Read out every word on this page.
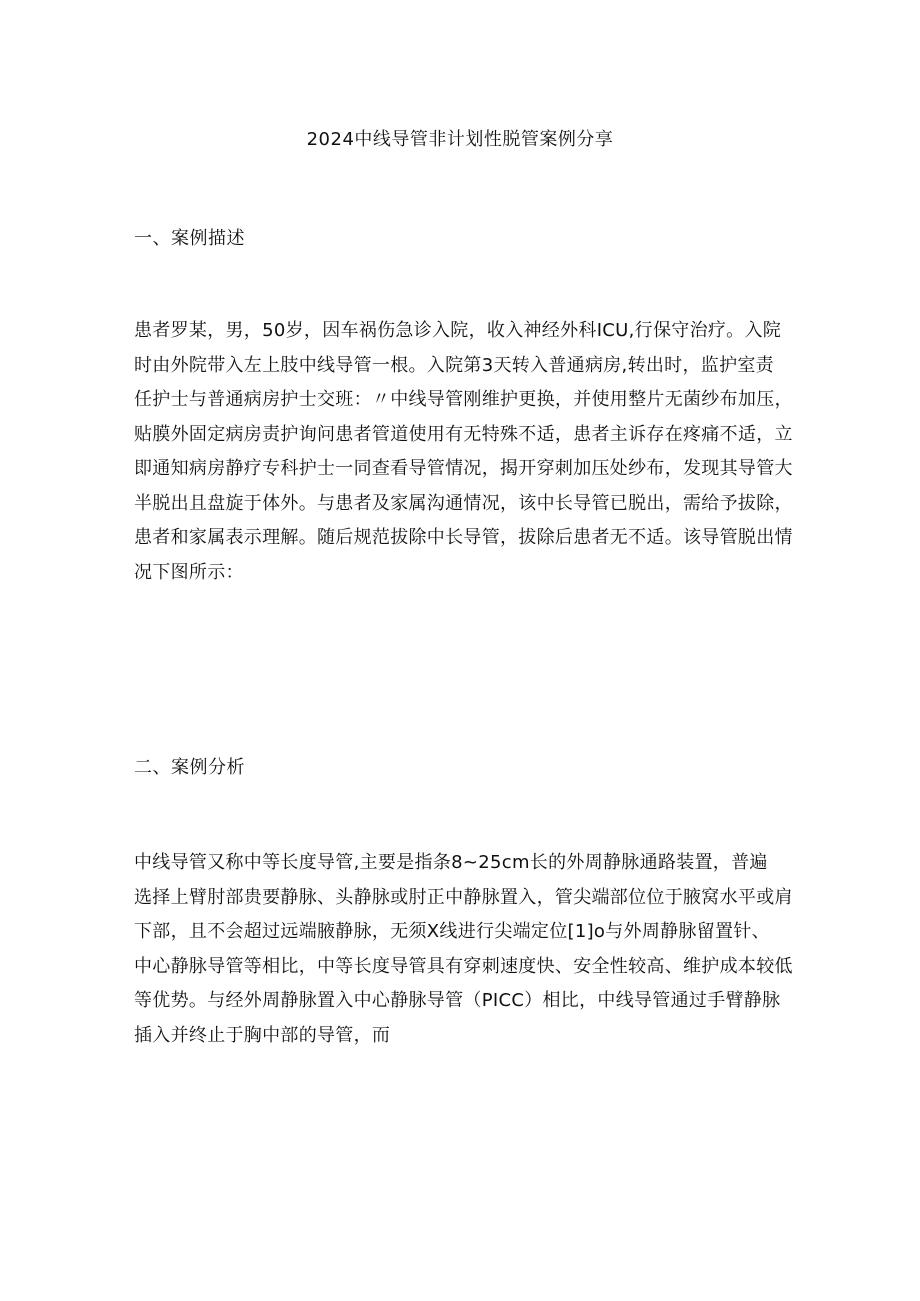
2024中线导管非计划性脱管案例分享
一、案例描述
患者罗某，男，50岁，因车祸伤急诊入院，收入神经外科ICU,行保守治疗。入院
时由外院带入左上肢中线导管一根。入院第3天转入普通病房,转出时，监护室责
任护士与普通病房护士交班：〃中线导管刚维护更换，并使用整片无菌纱布加压，
贴膜外固定病房责护询问患者管道使用有无特殊不适，患者主诉存在疼痛不适，立
即通知病房静疗专科护士一同查看导管情况，揭开穿刺加压处纱布，发现其导管大
半脱出且盘旋于体外。与患者及家属沟通情况，该中长导管已脱出，需给予拔除，
患者和家属表示理解。随后规范拔除中长导管，拔除后患者无不适。该导管脱出情
况下图所示：
二、案例分析
中线导管又称中等长度导管,主要是指条8~25cm长的外周静脉通路装置，普遍
选择上臂肘部贵要静脉、头静脉或肘正中静脉置入，管尖端部位位于腋窝水平或肩
下部，且不会超过远端腋静脉，无须X线进行尖端定位[1]o与外周静脉留置针、
中心静脉导管等相比，中等长度导管具有穿刺速度快、安全性较高、维护成本较低
等优势。与经外周静脉置入中心静脉导管（PICC）相比，中线导管通过手臂静脉
插入并终止于胸中部的导管，而
